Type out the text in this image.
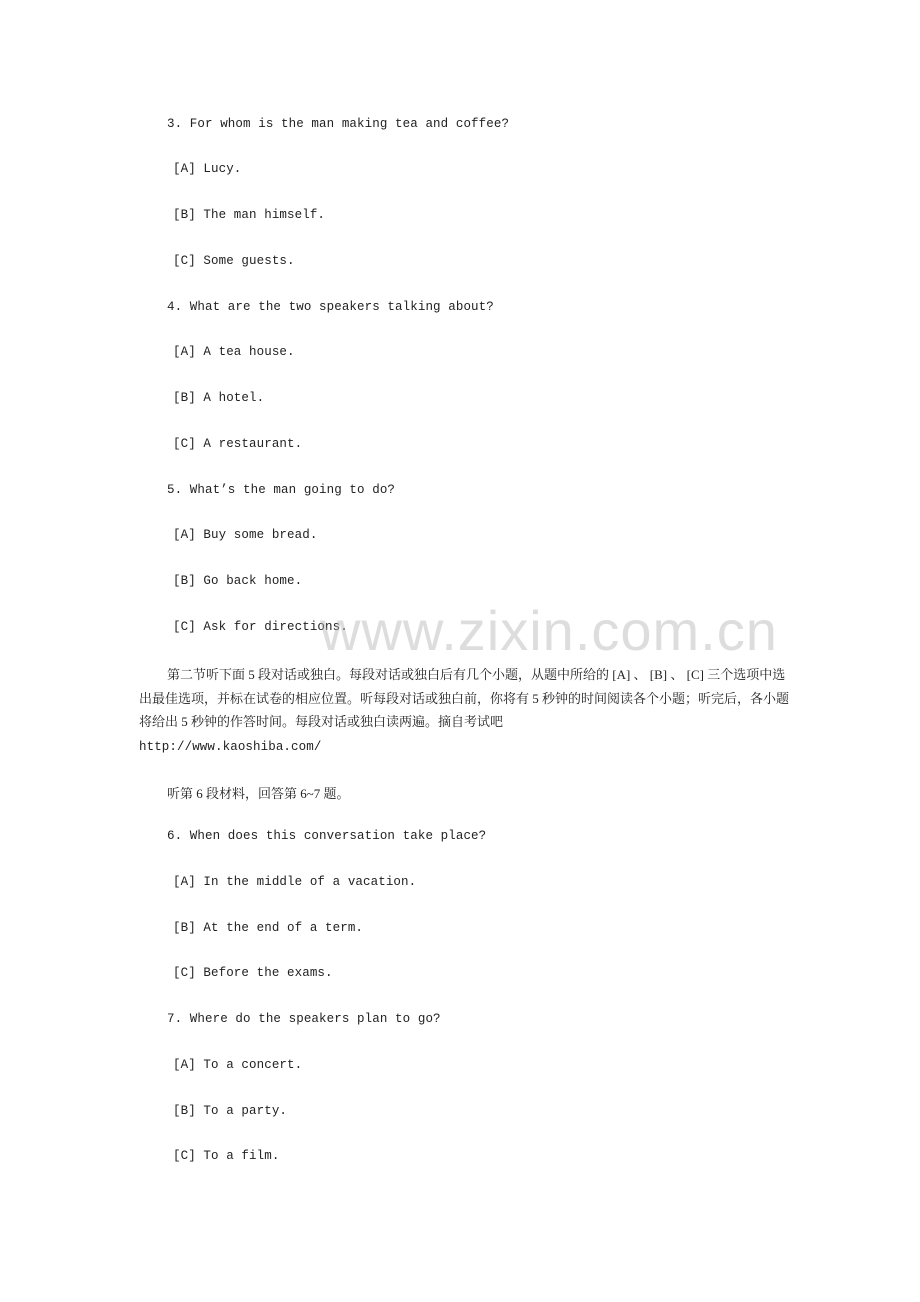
3. For whom is the man making tea and coffee?
[A] Lucy.
[B] The man himself.
[C] Some guests.
4. What are the two speakers talking about?
[A] A tea house.
[B] A hotel.
[C] A restaurant.
5. What’s the man going to do?
[A] Buy some bread.
[B] Go back home.
[C] Ask for directions.
www.zixin.com.cn
第二节听下面 5 段对话或独白。每段对话或独白后有几个小题，从题中所给的 [A] 、 [B] 、 [C] 三个选项中选出最佳选项，并标在试卷的相应位置。听每段对话或独白前，你将有 5 秒钟的时间阅读各个小题；听完后，各小题将给出 5 秒钟的作答时间。每段对话或独白读两遍。摘自考试吧
http://www.kaoshiba.com/
听第 6 段材料，回答第 6~7 题。
6. When does this conversation take place?
[A] In the middle of a vacation.
[B] At the end of a term.
[C] Before the exams.
7. Where do the speakers plan to go?
[A] To a concert.
[B] To a party.
[C] To a film.
